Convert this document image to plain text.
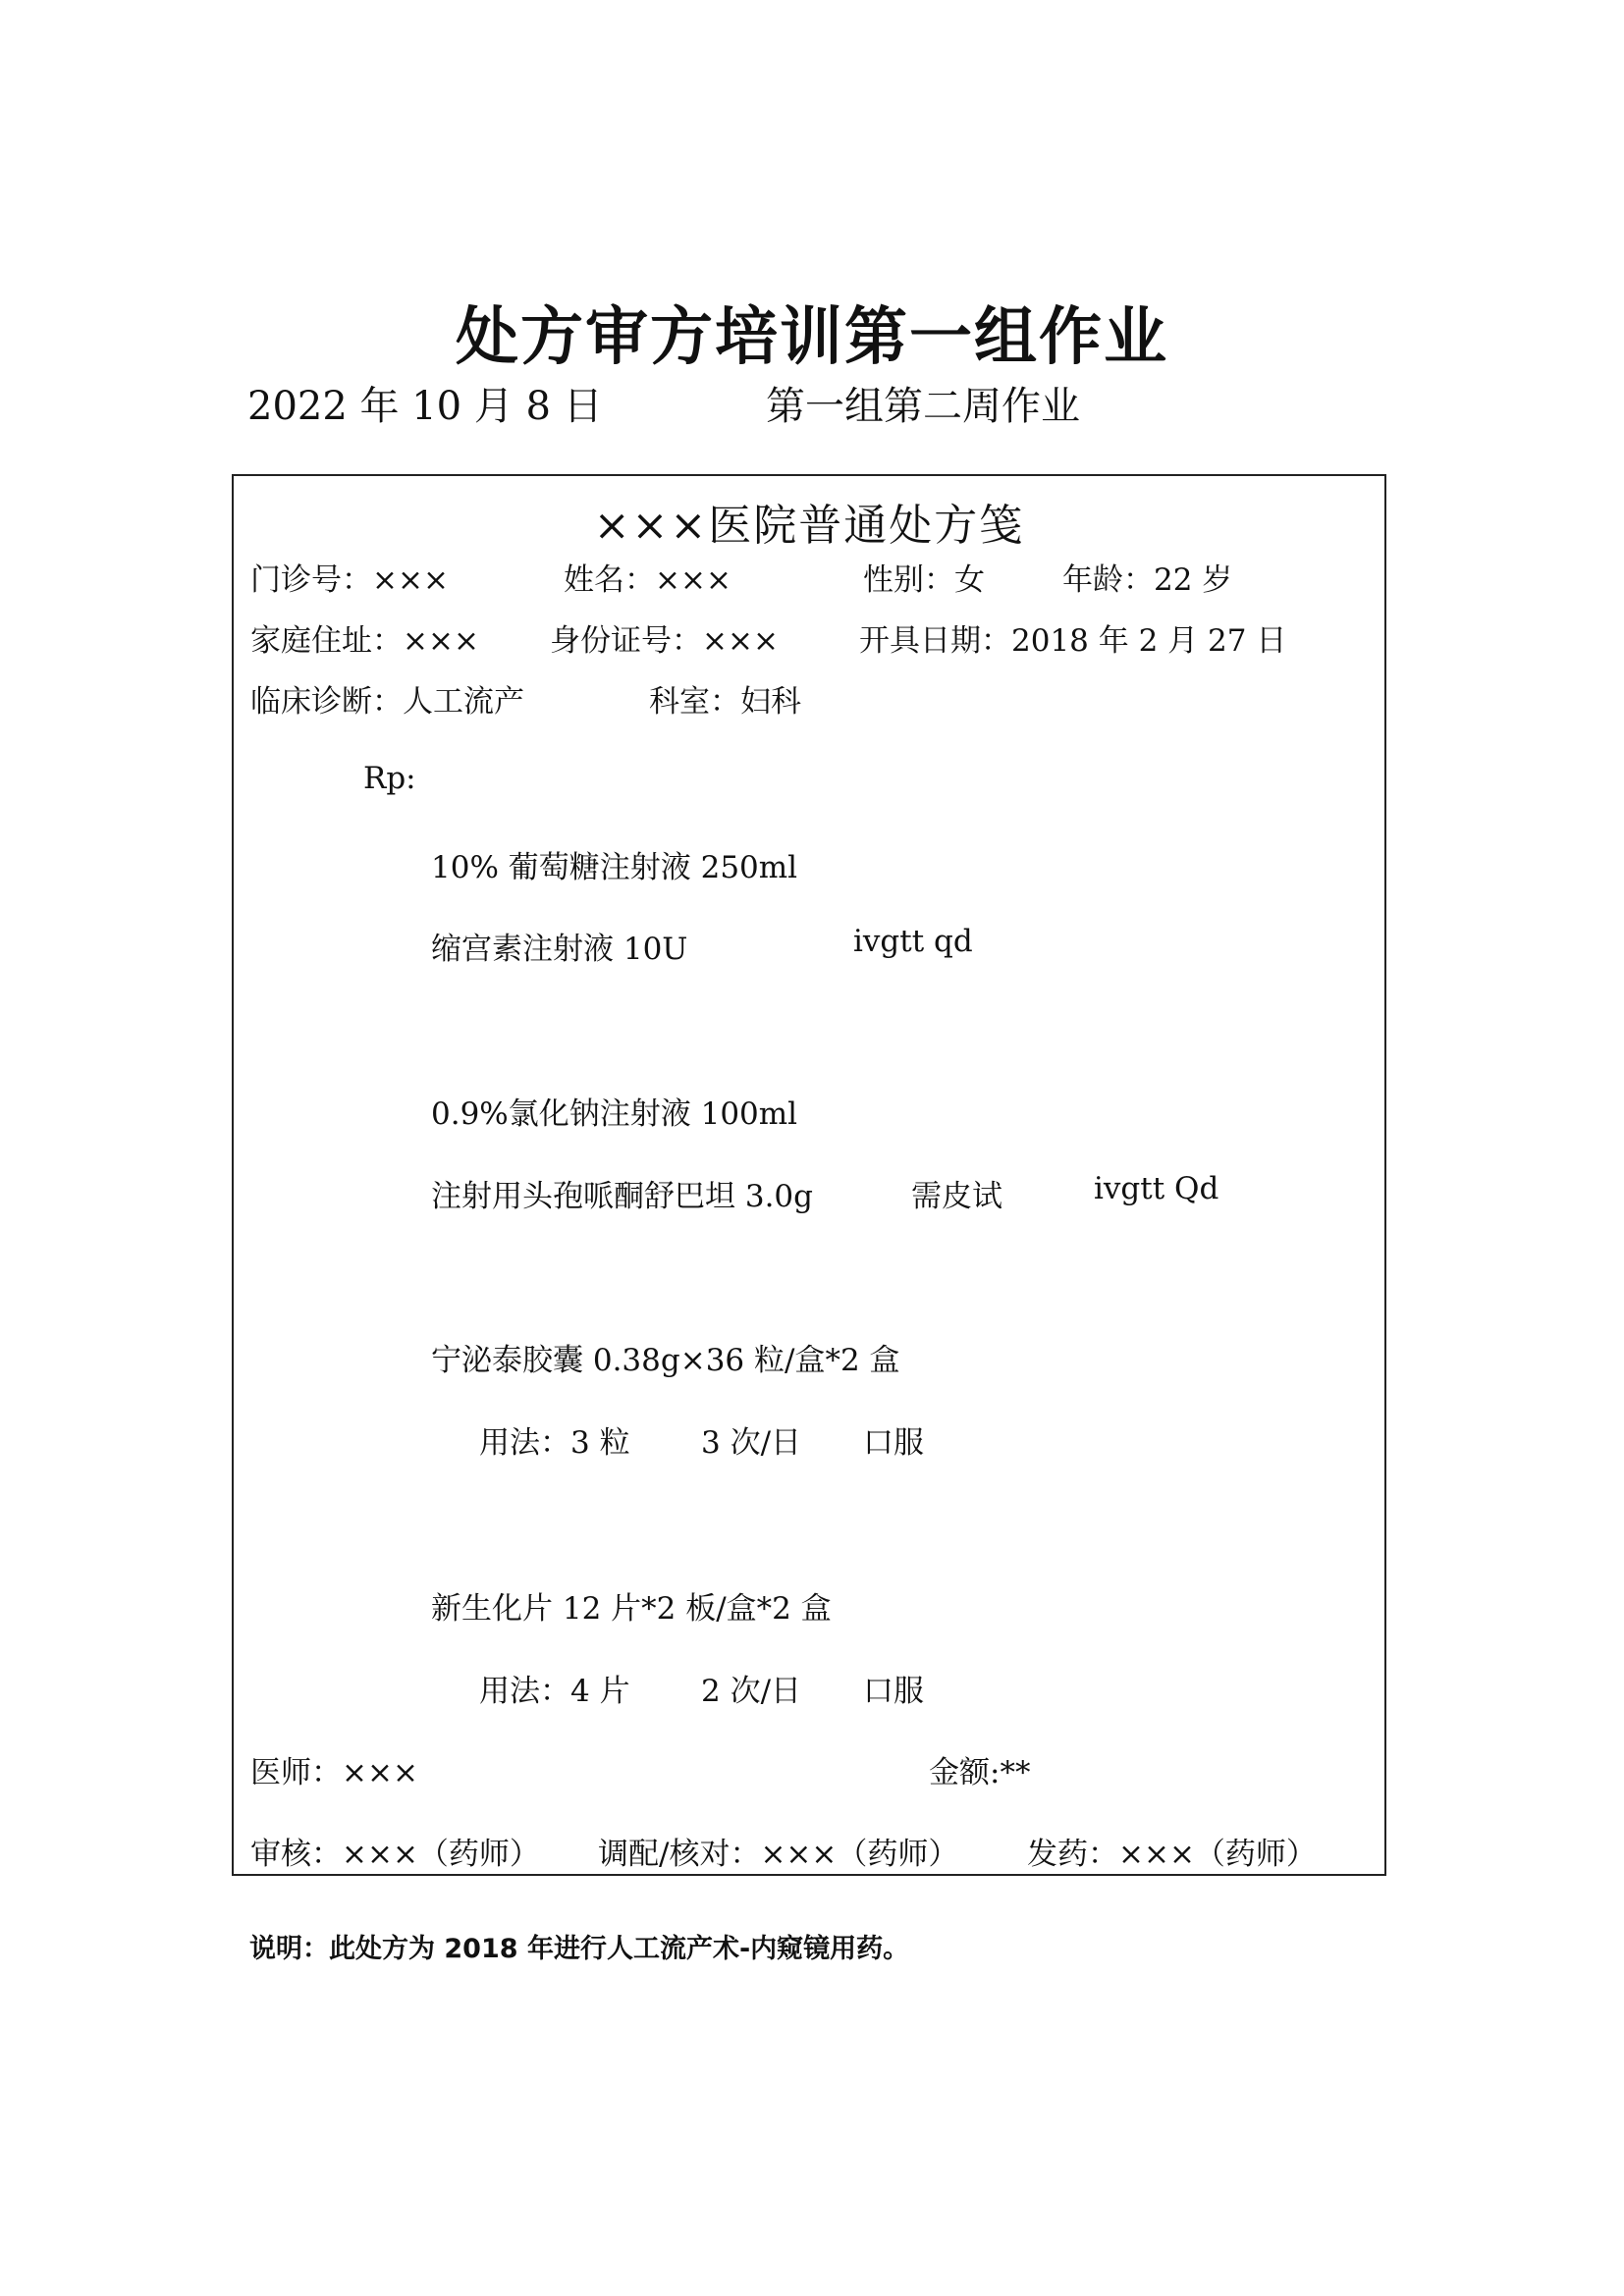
处方审方培训第一组作业
2022 年 10 月 8 日	第一组第二周作业
×××医院普通处方笺
门诊号：×××	姓名：×××	性别：女	年龄：22 岁
家庭住址：××× 身份证号：×××	开具日期：2018 年 2 月 27 日
临床诊断：人工流产	科室：妇科
Rp:
10% 葡萄糖注射液 250ml
缩宫素注射液 10U	ivgtt qd
0.9%氯化钠注射液 100ml
注射用头孢哌酮舒巴坦 3.0g	需皮试	ivgtt Qd
宁泌泰胶囊 0.38g×36 粒/盒*2 盒
用法：3 粒 3 次/日 口服
新生化片 12 片*2 板/盒*2 盒
用法：4 片 2 次/日 口服
医师：×××	金额:**
审核：×××（药师） 调配/核对：×××（药师） 发药：×××（药师）
说明：此处方为 2018 年进行人工流产术-内窥镜用药。
